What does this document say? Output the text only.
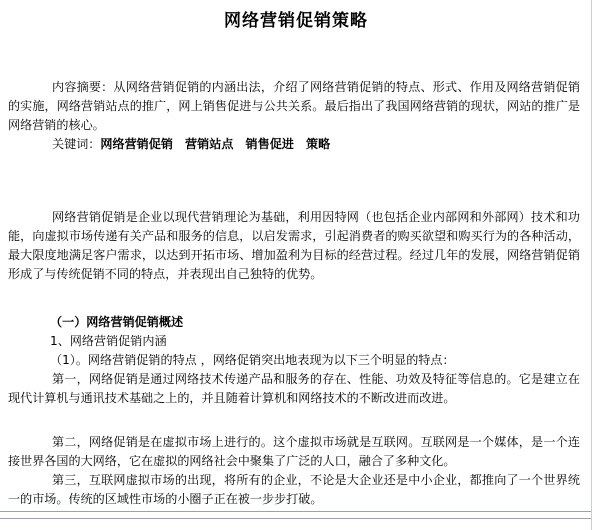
网络营销促销策略

内容摘要：从网络营销促销的内涵出法，介绍了网络营销促销的特点、形式、作用及网络营销促销的实施，网络营销站点的推广，网上销售促进与公共关系。最后指出了我国网络营销的现状，网站的推广是网络营销的核心。

关键词：网络营销促销　营销站点　销售促进　策略

网络营销促销是企业以现代营销理论为基础，利用因特网（也包括企业内部网和外部网）技术和功能，向虚拟市场传递有关产品和服务的信息，以启发需求，引起消费者的购买欲望和购买行为的各种活动，最大限度地满足客户需求，以达到开拓市场、增加盈利为目标的经营过程。经过几年的发展，网络营销促销形成了与传统促销不同的特点，并表现出自己独特的优势。

（一）网络营销促销概述

1、网络营销促销内涵

（1）。网络营销促销的特点 ，网络促销突出地表现为以下三个明显的特点：

第一，网络促销是通过网络技术传递产品和服务的存在、性能、功效及特征等信息的。它是建立在现代计算机与通讯技术基础之上的，并且随着计算机和网络技术的不断改进而改进。

第二，网络促销是在虚拟市场上进行的。这个虚拟市场就是互联网。互联网是一个媒体，是一个连接世界各国的大网络，它在虚拟的网络社会中聚集了广泛的人口，融合了多种文化。

第三，互联网虚拟市场的出现，将所有的企业，不论是大企业还是中小企业，都推向了一个世界统一的市场。传统的区域性市场的小圈子正在被一步步打破。
